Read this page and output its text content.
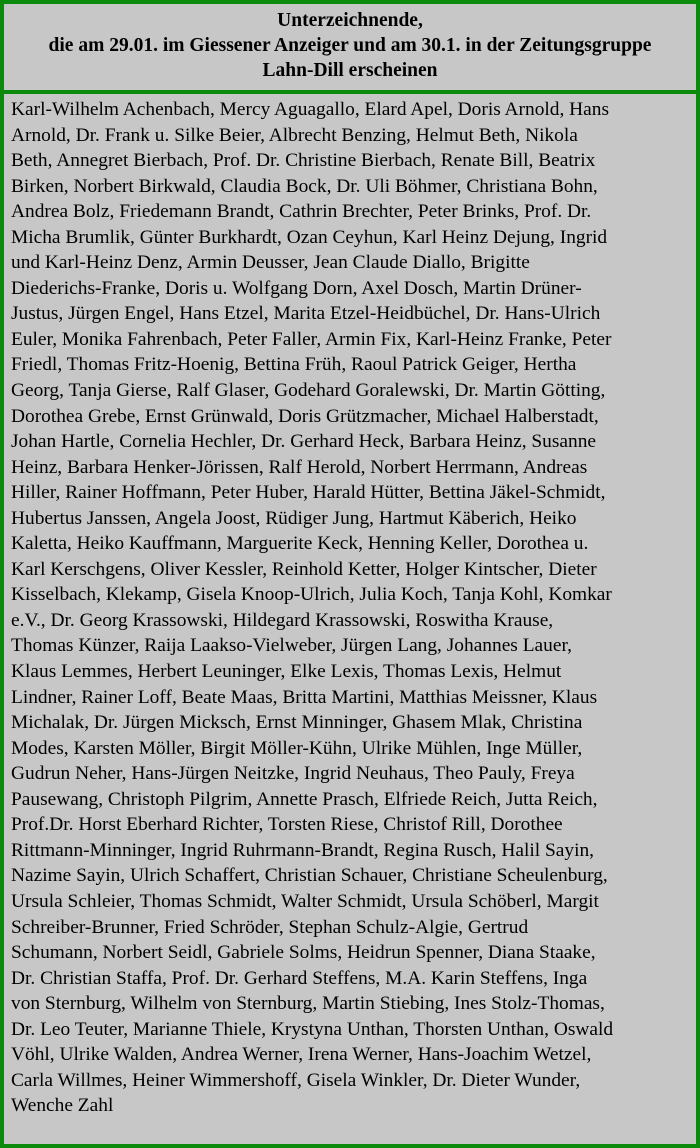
Unterzeichnende,
die am 29.01. im Giessener Anzeiger und am 30.1. in der Zeitungsgruppe
Lahn-Dill erscheinen
Karl-Wilhelm Achenbach, Mercy Aguagallo, Elard Apel, Doris Arnold, Hans
Arnold, Dr. Frank u. Silke Beier, Albrecht Benzing, Helmut Beth, Nikola
Beth, Annegret Bierbach, Prof. Dr. Christine Bierbach, Renate Bill, Beatrix
Birken, Norbert Birkwald, Claudia Bock, Dr. Uli Böhmer, Christiana Bohn,
Andrea Bolz, Friedemann Brandt, Cathrin Brechter, Peter Brinks, Prof. Dr.
Micha Brumlik, Günter Burkhardt, Ozan Ceyhun, Karl Heinz Dejung, Ingrid
und Karl-Heinz Denz, Armin Deusser, Jean Claude Diallo, Brigitte
Diederichs-Franke, Doris u. Wolfgang Dorn, Axel Dosch, Martin Drüner-
Justus, Jürgen Engel, Hans Etzel, Marita Etzel-Heidbüchel, Dr. Hans-Ulrich
Euler, Monika Fahrenbach, Peter Faller, Armin Fix, Karl-Heinz Franke, Peter
Friedl, Thomas Fritz-Hoenig, Bettina Früh, Raoul Patrick Geiger, Hertha
Georg, Tanja Gierse, Ralf Glaser, Godehard Goralewski, Dr. Martin Götting,
Dorothea Grebe, Ernst Grünwald, Doris Grützmacher, Michael Halberstadt,
Johan Hartle, Cornelia Hechler, Dr. Gerhard Heck, Barbara Heinz, Susanne
Heinz, Barbara Henker-Jörissen, Ralf Herold, Norbert Herrmann, Andreas
Hiller, Rainer Hoffmann, Peter Huber, Harald Hütter, Bettina Jäkel-Schmidt,
Hubertus Janssen, Angela Joost, Rüdiger Jung, Hartmut Käberich, Heiko
Kaletta, Heiko Kauffmann, Marguerite Keck, Henning Keller, Dorothea u.
Karl Kerschgens, Oliver Kessler, Reinhold Ketter, Holger Kintscher, Dieter
Kisselbach, Klekamp, Gisela Knoop-Ulrich, Julia Koch, Tanja Kohl, Komkar
e.V., Dr. Georg Krassowski, Hildegard Krassowski, Roswitha Krause,
Thomas Künzer, Raija Laakso-Vielweber, Jürgen Lang, Johannes Lauer,
Klaus Lemmes, Herbert Leuninger, Elke Lexis, Thomas Lexis, Helmut
Lindner, Rainer Loff, Beate Maas, Britta Martini, Matthias Meissner, Klaus
Michalak, Dr. Jürgen Micksch, Ernst Minninger, Ghasem Mlak, Christina
Modes, Karsten Möller, Birgit Möller-Kühn, Ulrike Mühlen, Inge Müller,
Gudrun Neher, Hans-Jürgen Neitzke, Ingrid Neuhaus, Theo Pauly, Freya
Pausewang, Christoph Pilgrim, Annette Prasch, Elfriede Reich, Jutta Reich,
Prof.Dr. Horst Eberhard Richter, Torsten Riese, Christof Rill, Dorothee
Rittmann-Minninger, Ingrid Ruhrmann-Brandt, Regina Rusch, Halil Sayin,
Nazime Sayin, Ulrich Schaffert, Christian Schauer, Christiane Scheulenburg,
Ursula Schleier, Thomas Schmidt, Walter Schmidt, Ursula Schöberl, Margit
Schreiber-Brunner, Fried Schröder, Stephan Schulz-Algie, Gertrud
Schumann, Norbert Seidl, Gabriele Solms, Heidrun Spenner, Diana Staake,
Dr. Christian Staffa, Prof. Dr. Gerhard Steffens, M.A. Karin Steffens, Inga
von Sternburg, Wilhelm von Sternburg, Martin Stiebing, Ines Stolz-Thomas,
Dr. Leo Teuter, Marianne Thiele, Krystyna Unthan, Thorsten Unthan, Oswald
Vöhl, Ulrike Walden, Andrea Werner, Irena Werner, Hans-Joachim Wetzel,
Carla Willmes, Heiner Wimmershoff, Gisela Winkler, Dr. Dieter Wunder,
Wenche Zahl
